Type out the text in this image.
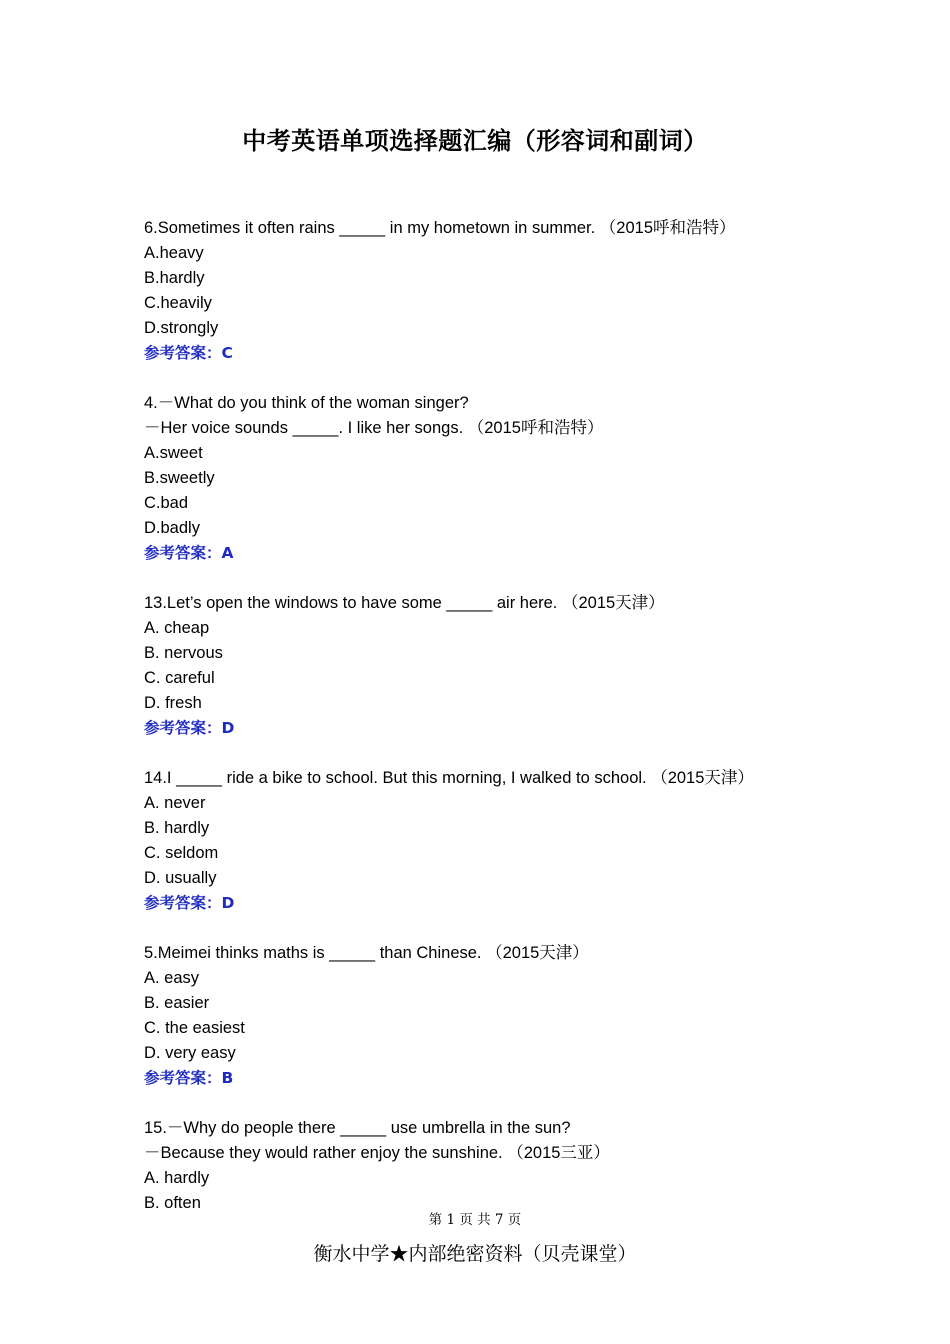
中考英语单项选择题汇编（形容词和副词）
6.Sometimes it often rains _____ in my hometown in summer. （2015呼和浩特）
A.heavy
B.hardly
C.heavily
D.strongly
参考答案：C
4.－What do you think of the woman singer?
－Her voice sounds _____. I like her songs. （2015呼和浩特）
A.sweet
B.sweetly
C.bad
D.badly
参考答案：A
13.Let’s open the windows to have some _____ air here. （2015天津）
A. cheap
B. nervous
C. careful
D. fresh
参考答案：D
14.I _____ ride a bike to school. But this morning, I walked to school. （2015天津）
A. never
B. hardly
C. seldom
D. usually
参考答案：D
5.Meimei thinks maths is _____ than Chinese. （2015天津）
A. easy
B. easier
C. the easiest
D. very easy
参考答案：B
15.－Why do people there _____ use umbrella in the sun?
－Because they would rather enjoy the sunshine. （2015三亚）
A. hardly
B. often
第 1 页 共 7 页
衡水中学★内部绝密资料（贝壳课堂）
